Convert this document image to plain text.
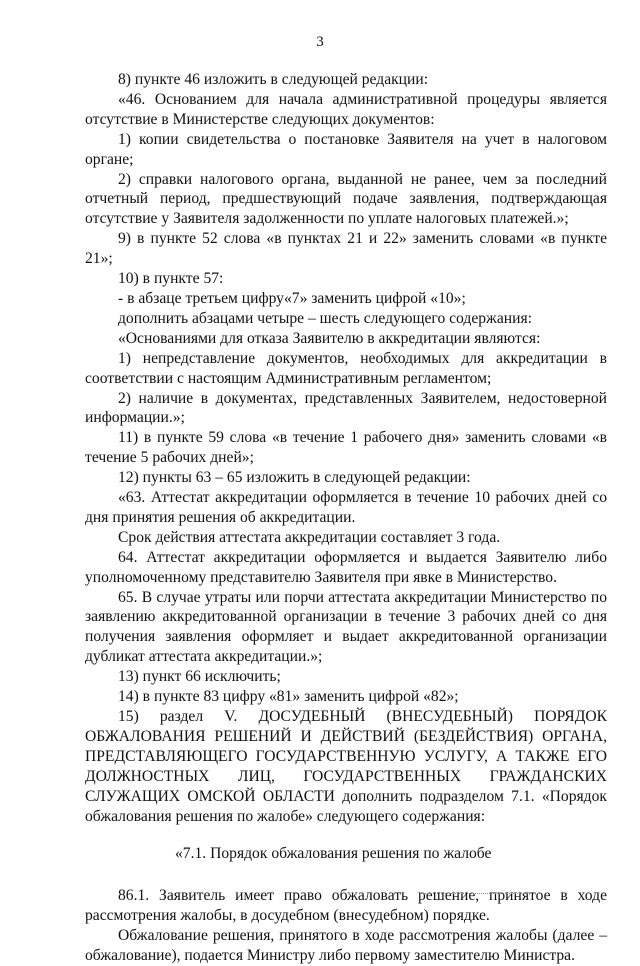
3

8) пункте 46 изложить в следующей редакции:

«46. Основанием для начала административной процедуры является отсутствие в Министерстве следующих документов:

1) копии свидетельства о постановке Заявителя на учет в налоговом органе;

2) справки налогового органа, выданной не ранее, чем за последний отчетный период, предшествующий подаче заявления, подтверждающая отсутствие у Заявителя задолженности по уплате налоговых платежей.»;

9) в пункте 52 слова «в пунктах 21 и 22» заменить словами «в пункте 21»;

10) в пункте 57:

- в абзаце третьем цифру«7» заменить цифрой «10»;

дополнить абзацами четыре – шесть следующего содержания:

«Основаниями для отказа Заявителю в аккредитации являются:

1) непредставление документов, необходимых для аккредитации в соответствии с настоящим Административным регламентом;

2) наличие в документах, представленных Заявителем, недостоверной информации.»;

11) в пункте 59 слова «в течение 1 рабочего дня» заменить словами «в течение 5 рабочих дней»;

12) пункты 63 – 65 изложить в следующей редакции:

«63. Аттестат аккредитации оформляется в течение 10 рабочих дней со дня принятия решения об аккредитации.

Срок действия аттестата аккредитации составляет 3 года.

64. Аттестат аккредитации оформляется и выдается Заявителю либо уполномоченному представителю Заявителя при явке в Министерство.

65. В случае утраты или порчи аттестата аккредитации Министерство по заявлению аккредитованной организации в течение 3 рабочих дней со дня получения заявления оформляет и выдает аккредитованной организации дубликат аттестата аккредитации.»;

13) пункт 66 исключить;

14) в пункте 83 цифру «81» заменить цифрой «82»;

15) раздел V. ДОСУДЕБНЫЙ (ВНЕСУДЕБНЫЙ) ПОРЯДОК ОБЖАЛОВАНИЯ РЕШЕНИЙ И ДЕЙСТВИЙ (БЕЗДЕЙСТВИЯ) ОРГАНА, ПРЕДСТАВЛЯЮЩЕГО ГОСУДАРСТВЕННУЮ УСЛУГУ, А ТАКЖЕ ЕГО ДОЛЖНОСТНЫХ ЛИЦ, ГОСУДАРСТВЕННЫХ ГРАЖДАНСКИХ СЛУЖАЩИХ ОМСКОЙ ОБЛАСТИ дополнить подразделом 7.1. «Порядок обжалования решения по жалобе» следующего содержания:

«7.1. Порядок обжалования решения по жалобе

86.1. Заявитель имеет право обжаловать решение, принятое в ходе рассмотрения жалобы, в досудебном (внесудебном) порядке.

Обжалование решения, принятого в ходе рассмотрения жалобы (далее – обжалование), подается Министру либо первому заместителю Министра.
